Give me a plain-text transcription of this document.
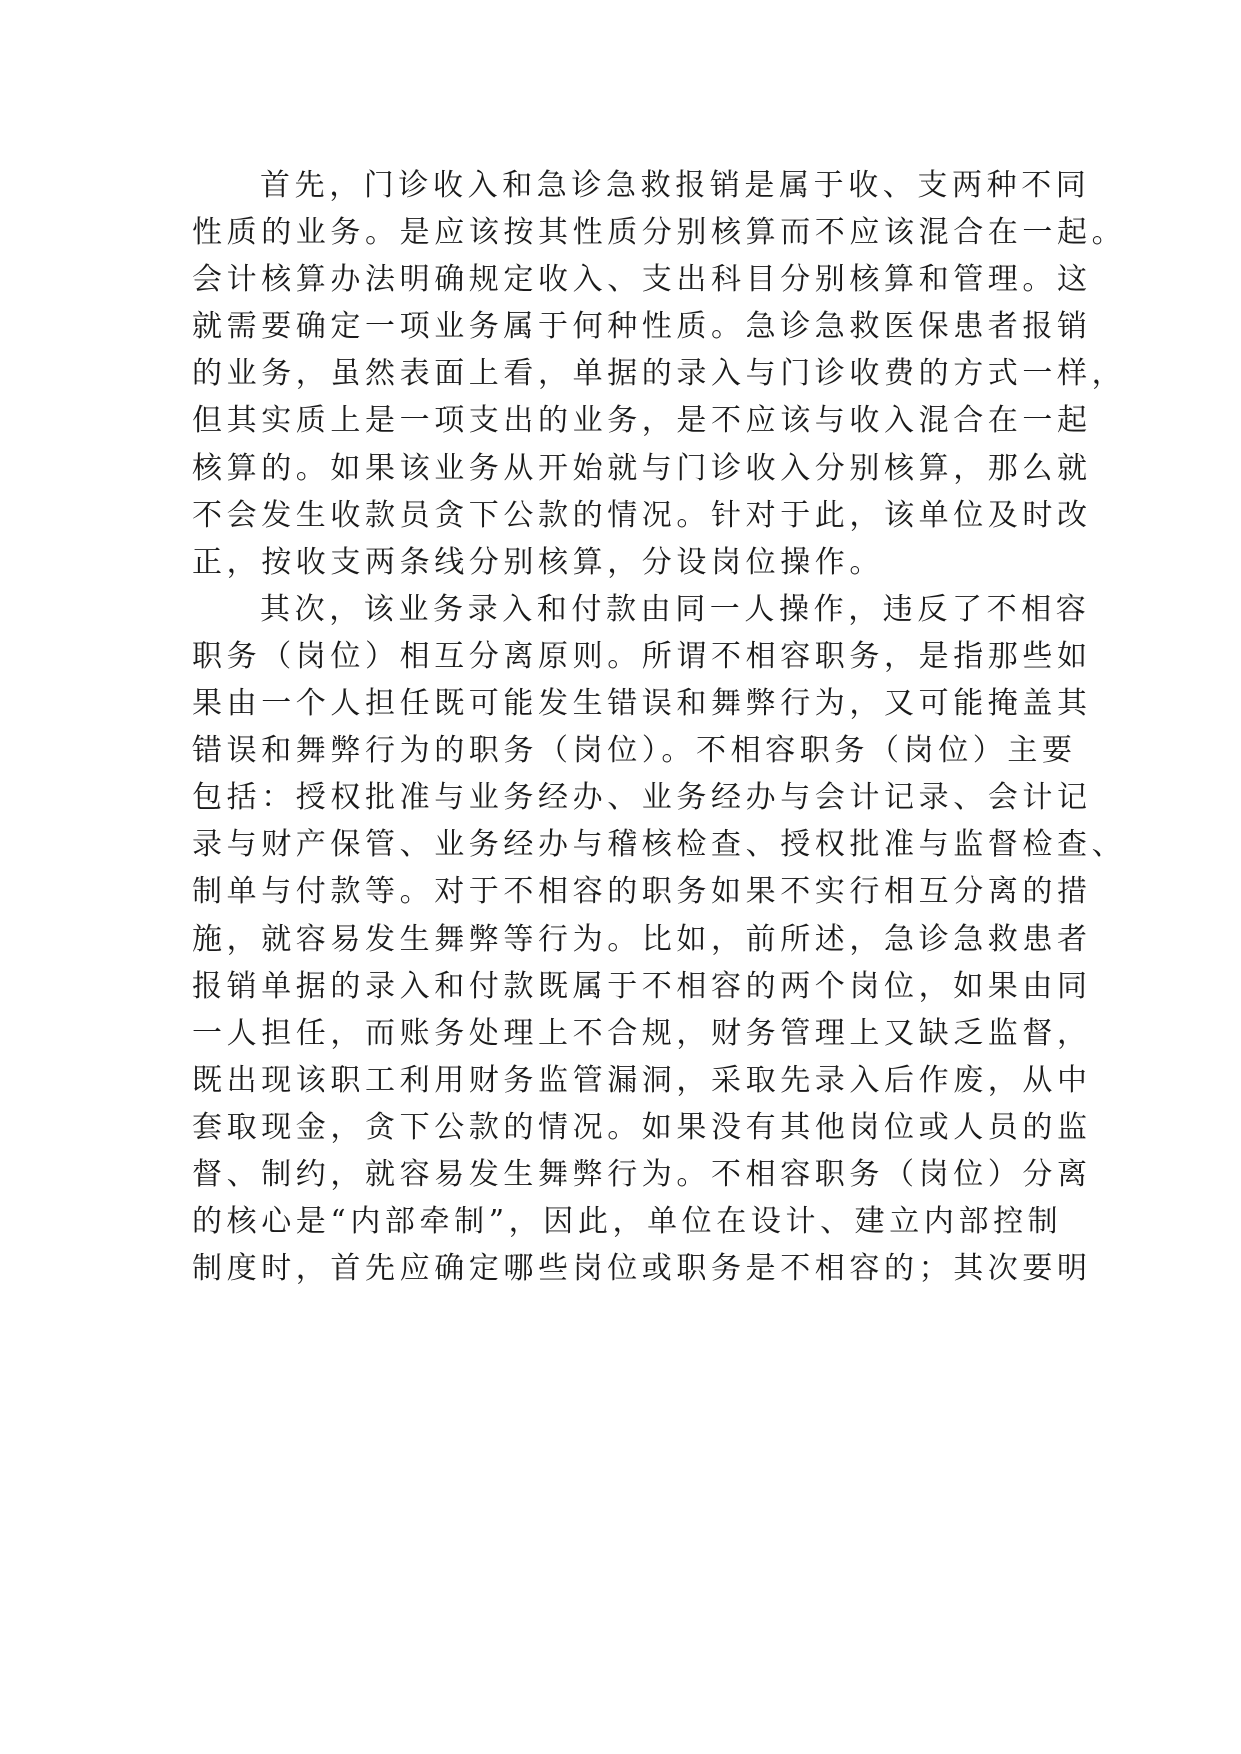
首先，门诊收入和急诊急救报销是属于收、支两种不同
性质的业务。是应该按其性质分别核算而不应该混合在一起。
会计核算办法明确规定收入、支出科目分别核算和管理。这
就需要确定一项业务属于何种性质。急诊急救医保患者报销
的业务，虽然表面上看，单据的录入与门诊收费的方式一样，
但其实质上是一项支出的业务，是不应该与收入混合在一起
核算的。如果该业务从开始就与门诊收入分别核算，那么就
不会发生收款员贪下公款的情况。针对于此，该单位及时改
正，按收支两条线分别核算，分设岗位操作。
其次，该业务录入和付款由同一人操作，违反了不相容
职务（岗位）相互分离原则。所谓不相容职务，是指那些如
果由一个人担任既可能发生错误和舞弊行为，又可能掩盖其
错误和舞弊行为的职务（岗位）。不相容职务（岗位）主要
包括：授权批准与业务经办、业务经办与会计记录、会计记
录与财产保管、业务经办与稽核检查、授权批准与监督检查、
制单与付款等。对于不相容的职务如果不实行相互分离的措
施，就容易发生舞弊等行为。比如，前所述，急诊急救患者
报销单据的录入和付款既属于不相容的两个岗位，如果由同
一人担任，而账务处理上不合规，财务管理上又缺乏监督，
既出现该职工利用财务监管漏洞，采取先录入后作废，从中
套取现金，贪下公款的情况。如果没有其他岗位或人员的监
督、制约，就容易发生舞弊行为。不相容职务（岗位）分离
的核心是“内部牵制”，因此，单位在设计、建立内部控制
制度时，首先应确定哪些岗位或职务是不相容的；其次要明
